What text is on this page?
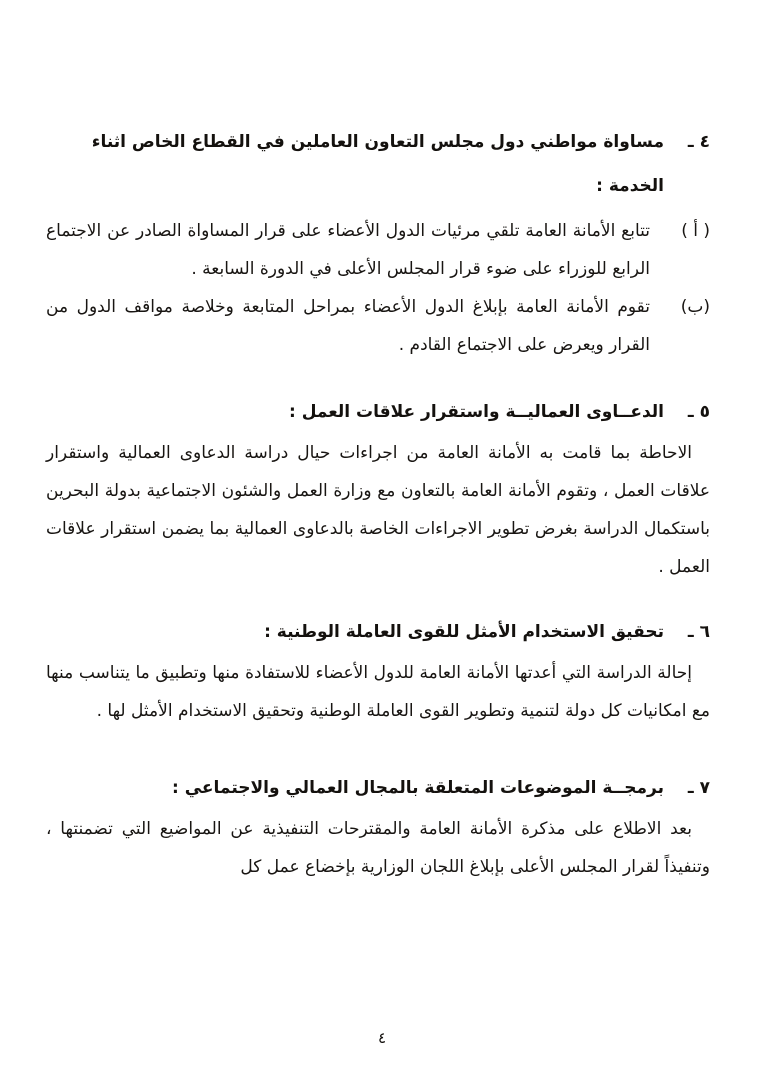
٤ ـ
مساواة مواطني دول مجلس التعاون العاملين في القطاع الخاص اثناء الخدمة :
( أ )
تتابع الأمانة العامة تلقي مرئيات الدول الأعضاء على قرار المساواة الصادر عن الاجتماع الرابع للوزراء على ضوء قرار المجلس الأعلى في الدورة السابعة .
(ب)
تقوم الأمانة العامة بإبلاغ الدول الأعضاء بمراحل المتابعة وخلاصة مواقف الدول من القرار ويعرض على الاجتماع القادم .
٥ ـ
الدعــاوى العماليــة واستقرار علاقات العمل :

الاحاطة بما قامت به الأمانة العامة من اجراءات حيال دراسة الدعاوى العمالية واستقرار علاقات العمل ، وتقوم الأمانة العامة بالتعاون مع وزارة العمل والشئون الاجتماعية بدولة البحرين باستكمال الدراسة بغرض تطوير الاجراءات الخاصة بالدعاوى العمالية بما يضمن استقرار علاقات العمل .

٦ ـ
تحقيق الاستخدام الأمثل للقوى العاملة الوطنية :

إحالة الدراسة التي أعدتها الأمانة العامة للدول الأعضاء للاستفادة منها وتطبيق ما يتناسب منها مع امكانيات كل دولة لتنمية وتطوير القوى العاملة الوطنية وتحقيق الاستخدام الأمثل لها .

٧ ـ
برمجــة الموضوعات المتعلقة بالمجال العمالي والاجتماعي :

بعد الاطلاع على مذكرة الأمانة العامة والمقترحات التنفيذية عن المواضيع التي تضمنتها ، وتنفيذاً لقرار المجلس الأعلى بإبلاغ اللجان الوزارية بإخضاع عمل كل

٤
